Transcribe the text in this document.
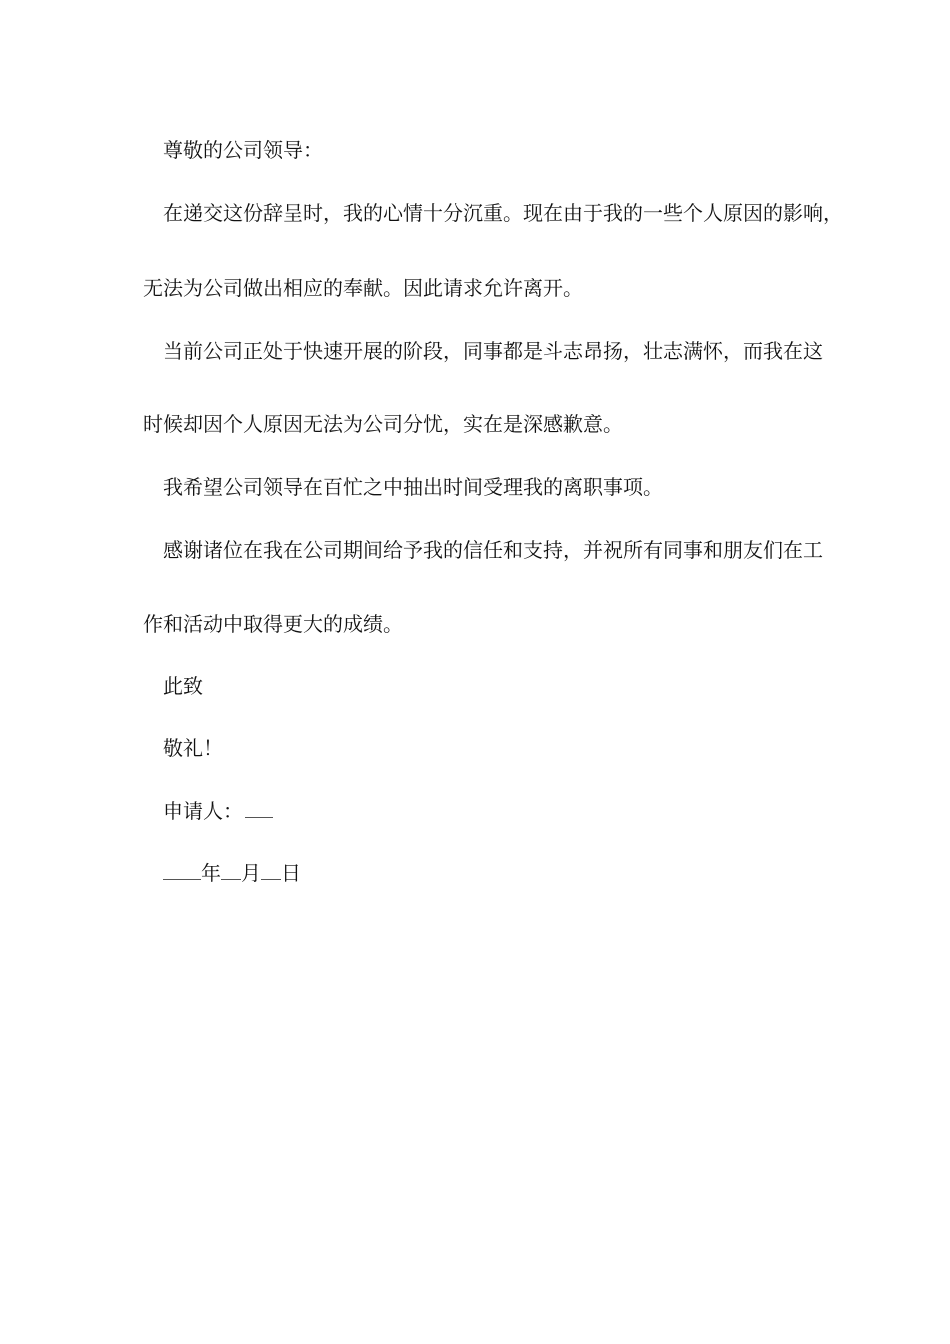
尊敬的公司领导：
在递交这份辞呈时，我的心情十分沉重。现在由于我的一些个人原因的影响，
无法为公司做出相应的奉献。因此请求允许离开。
当前公司正处于快速开展的阶段，同事都是斗志昂扬，壮志满怀，而我在这
时候却因个人原因无法为公司分忧，实在是深感歉意。
我希望公司领导在百忙之中抽出时间受理我的离职事项。
感谢诸位在我在公司期间给予我的信任和支持，并祝所有同事和朋友们在工
作和活动中取得更大的成绩。
此致
敬礼！
申请人：
年 月 日
